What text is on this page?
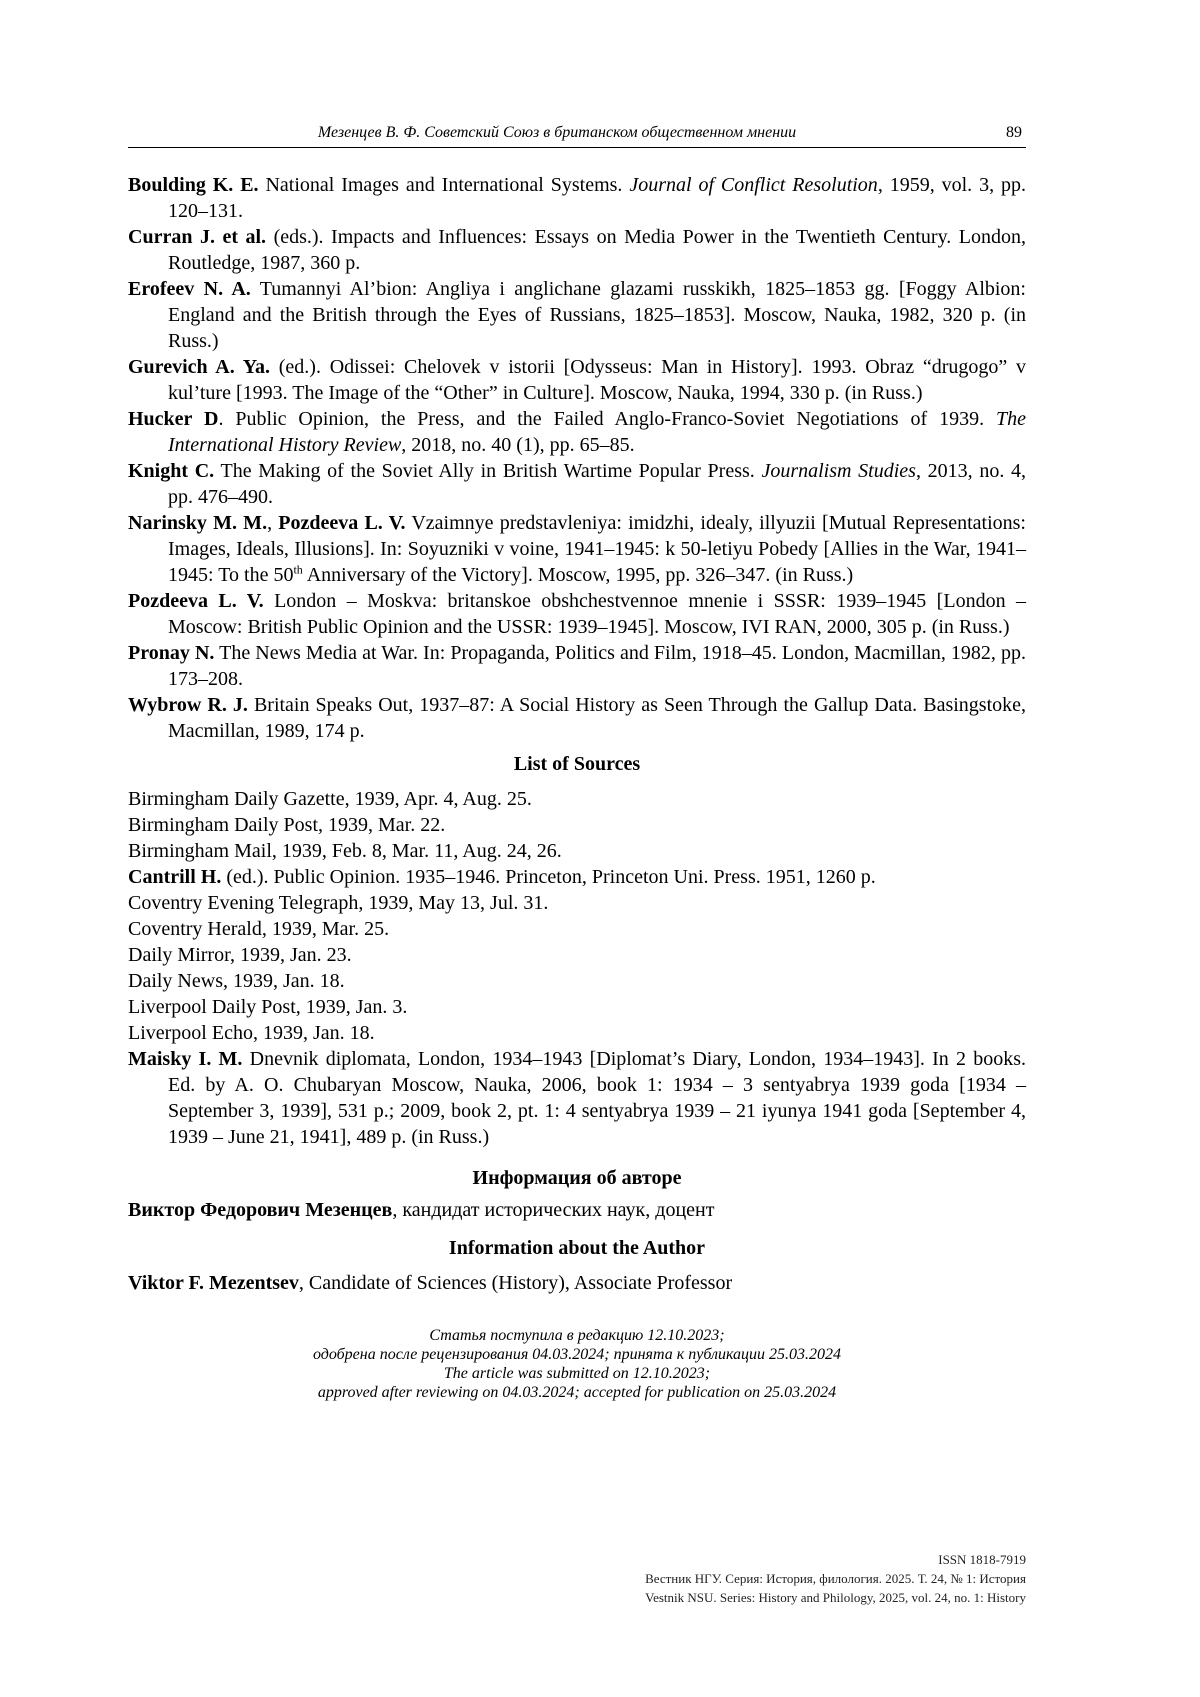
Мезенцев В. Ф. Советский Союз в британском общественном мнении	89

Boulding K. E. National Images and International Systems. Journal of Conflict Resolution, 1959, vol. 3, pp. 120–131.

Curran J. et al. (eds.). Impacts and Influences: Essays on Media Power in the Twentieth Century. London, Routledge, 1987, 360 p.

Erofeev N. A. Tumannyi Al’bion: Angliya i anglichane glazami russkikh, 1825–1853 gg. [Foggy Albion: England and the British through the Eyes of Russians, 1825–1853]. Moscow, Nauka, 1982, 320 p. (in Russ.)

Gurevich A. Ya. (ed.). Odissei: Chelovek v istorii [Odysseus: Man in History]. 1993. Obraz “dru­gogo” v kul’ture [1993. The Image of the “Other” in Culture]. Moscow, Nauka, 1994, 330 p. (in Russ.)

Hucker D. Public Opinion, the Press, and the Failed Anglo-Franco-Soviet Negotiations of 1939. The International History Review, 2018, no. 40 (1), pp. 65–85.

Knight C. The Making of the Soviet Ally in British Wartime Popular Press. Journalism Studies, 2013, no. 4, pp. 476–490.

Narinsky M. M., Pozdeeva L. V. Vzaimnye predstavleniya: imidzhi, idealy, illyuzii [Mutual Rep­resentations: Images, Ideals, Illusions]. In: Soyuzniki v voine, 1941–1945: k 50-letiyu Pobedy [Allies in the War, 1941–1945: To the 50th Anniversary of the Victory]. Moscow, 1995, pp. 326–347. (in Russ.)

Pozdeeva L. V. London – Moskva: britanskoe obshchestvennoe mnenie i SSSR: 1939–1945 [Lon­don – Moscow: British Public Opinion and the USSR: 1939–1945]. Moscow, IVI RAN, 2000, 305 p. (in Russ.)

Pronay N. The News Media at War. In: Propaganda, Politics and Film, 1918–45. London, Macmil­lan, 1982, pp. 173–208.

Wybrow R. J. Britain Speaks Out, 1937–87: A Social History as Seen Through the Gallup Data. Basingstoke, Macmillan, 1989, 174 p.

List of Sources

Birmingham Daily Gazette, 1939, Apr. 4, Aug. 25.

Birmingham Daily Post, 1939, Mar. 22.

Birmingham Mail, 1939, Feb. 8, Mar. 11, Aug. 24, 26.

Cantrill H. (ed.). Public Opinion. 1935–1946. Princeton, Princeton Uni. Press. 1951, 1260 p.

Coventry Evening Telegraph, 1939, May 13, Jul. 31.

Coventry Herald, 1939, Mar. 25.

Daily Mirror, 1939, Jan. 23.

Daily News, 1939, Jan. 18.

Liverpool Daily Post, 1939, Jan. 3.

Liverpool Echo, 1939, Jan. 18.

Maisky I. M. Dnevnik diplomata, London, 1934–1943 [Diplomat’s Diary, London, 1934–1943]. In 2 books. Ed. by A. O. Chubaryan Moscow, Nauka, 2006, book 1: 1934 – 3 sentyabrya 1939 goda [1934 – September 3, 1939], 531 p.; 2009, book 2, pt. 1: 4 sentyabrya 1939 – 21 iyunya 1941 goda [September 4, 1939 – June 21, 1941], 489 p. (in Russ.)

Информация об авторе

Виктор Федорович Мезенцев, кандидат исторических наук, доцент

Information about the Author

Viktor F. Mezentsev, Candidate of Sciences (History), Associate Professor

Статья поступила в редакцию 12.10.2023;
одобрена после рецензирования 04.03.2024; принята к публикации 25.03.2024
The article was submitted on 12.10.2023;
approved after reviewing on 04.03.2024; accepted for publication on 25.03.2024
ISSN 1818-7919
Вестник НГУ. Серия: История, филология. 2025. Т. 24, № 1: История
Vestnik NSU. Series: History and Philology, 2025, vol. 24, no. 1: History
